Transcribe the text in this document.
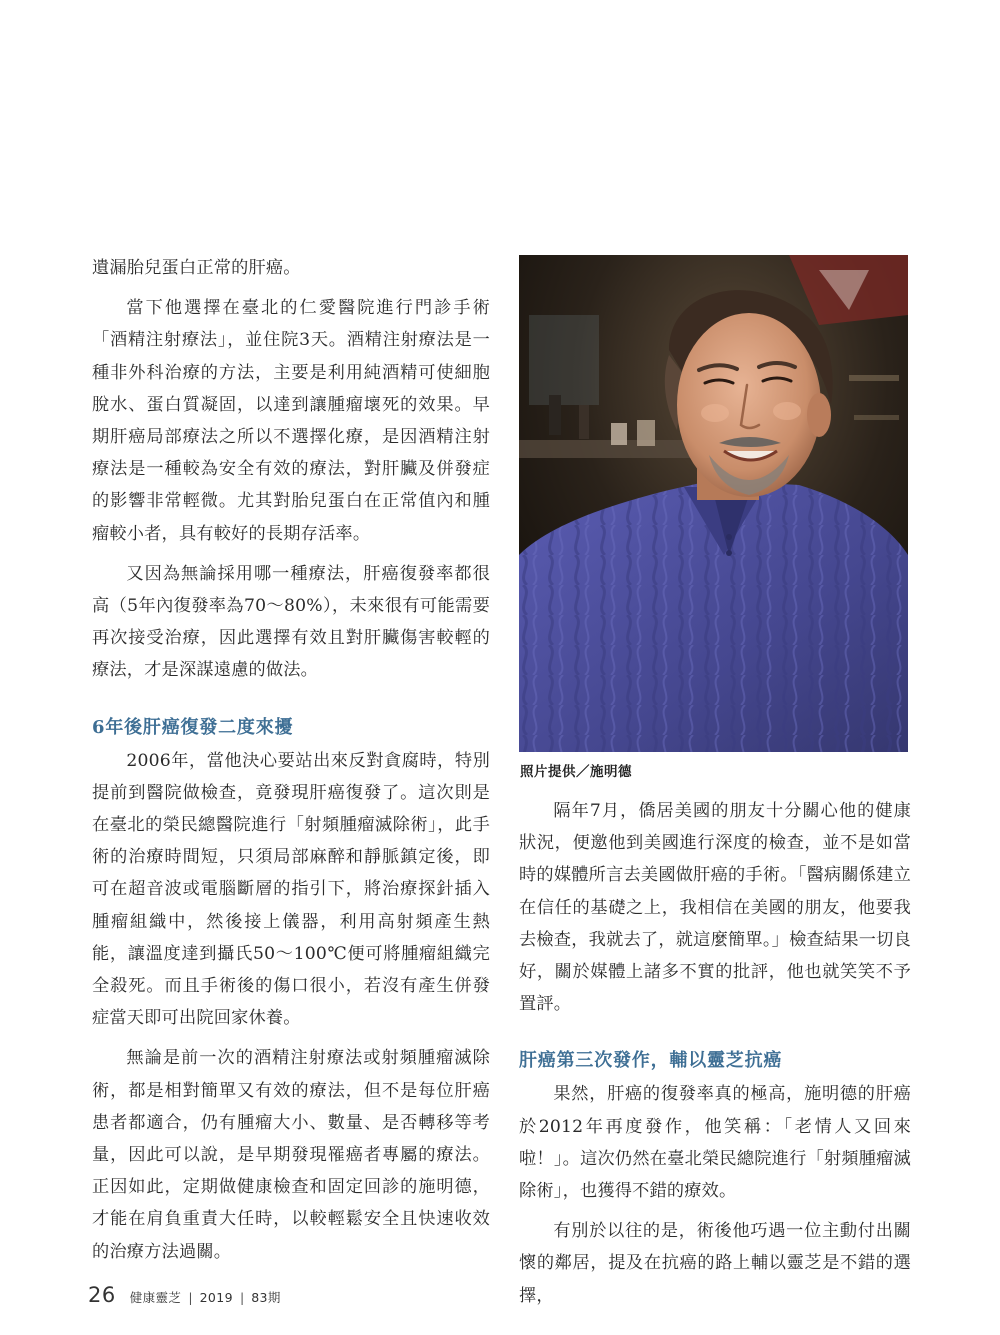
遺漏胎兒蛋白正常的肝癌。

當下他選擇在臺北的仁愛醫院進行門診手術「酒精注射療法」，並住院3天。酒精注射療法是一種非外科治療的方法，主要是利用純酒精可使細胞脫水、蛋白質凝固，以達到讓腫瘤壞死的效果。早期肝癌局部療法之所以不選擇化療，是因酒精注射療法是一種較為安全有效的療法，對肝臟及併發症的影響非常輕微。尤其對胎兒蛋白在正常值內和腫瘤較小者，具有較好的長期存活率。

又因為無論採用哪一種療法，肝癌復發率都很高（5年內復發率為70～80%），未來很有可能需要再次接受治療，因此選擇有效且對肝臟傷害較輕的療法，才是深謀遠慮的做法。

6年後肝癌復發二度來擾

2006年，當他決心要站出來反對貪腐時，特別提前到醫院做檢查，竟發現肝癌復發了。這次則是在臺北的榮民總醫院進行「射頻腫瘤滅除術」，此手術的治療時間短，只須局部麻醉和靜脈鎮定後，即可在超音波或電腦斷層的指引下，將治療探針插入腫瘤組織中，然後接上儀器，利用高射頻產生熱能，讓溫度達到攝氏50～100℃便可將腫瘤組織完全殺死。而且手術後的傷口很小，若沒有產生併發症當天即可出院回家休養。

無論是前一次的酒精注射療法或射頻腫瘤滅除術，都是相對簡單又有效的療法，但不是每位肝癌患者都適合，仍有腫瘤大小、數量、是否轉移等考量，因此可以說，是早期發現罹癌者專屬的療法。正因如此，定期做健康檢查和固定回診的施明德，才能在肩負重責大任時，以較輕鬆安全且快速收效的治療方法過關。

照片提供／施明德

隔年7月，僑居美國的朋友十分關心他的健康狀況，便邀他到美國進行深度的檢查，並不是如當時的媒體所言去美國做肝癌的手術。「醫病關係建立在信任的基礎之上，我相信在美國的朋友，他要我去檢查，我就去了，就這麼簡單。」檢查結果一切良好，關於媒體上諸多不實的批評，他也就笑笑不予置評。

肝癌第三次發作，輔以靈芝抗癌

果然，肝癌的復發率真的極高，施明德的肝癌於2012年再度發作，他笑稱：「老情人又回來啦！」。這次仍然在臺北榮民總院進行「射頻腫瘤滅除術」，也獲得不錯的療效。

有別於以往的是，術後他巧遇一位主動付出關懷的鄰居，提及在抗癌的路上輔以靈芝是不錯的選擇，

26 健康靈芝 | 2019 | 83期
